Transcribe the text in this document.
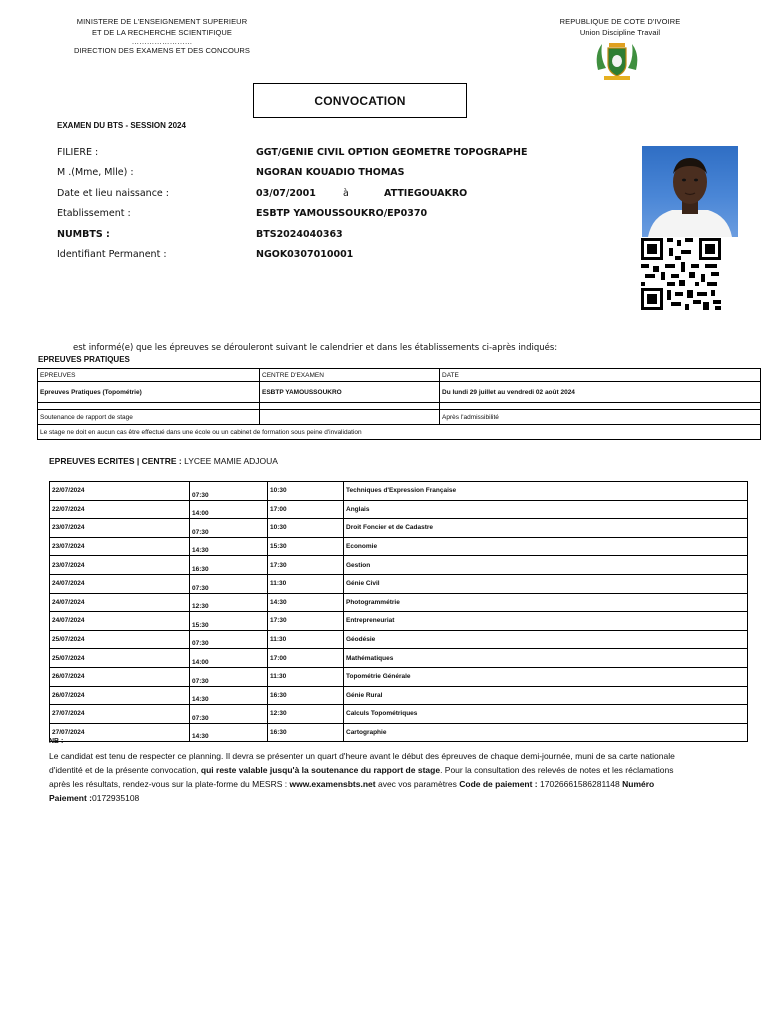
MINISTERE DE L'ENSEIGNEMENT SUPERIEUR
ET DE LA RECHERCHE SCIENTIFIQUE
……………………
DIRECTION DES EXAMENS ET DES CONCOURS
REPUBLIQUE DE COTE D'IVOIRE
Union Discipline Travail
CONVOCATION
EXAMEN DU BTS - SESSION 2024
FILIERE :	GGT/GENIE CIVIL OPTION GEOMETRE TOPOGRAPHE
M .(Mme, Mlle) :	NGORAN KOUADIO THOMAS
Date et lieu naissance :	03/07/2001	à	ATTIEGOUAKRO
Etablissement :	ESBTP YAMOUSSOUKRO/EP0370
NUMBTS :	BTS2024040363
Identifiant Permanent :	NGOK0307010001
est informé(e) que les épreuves se dérouleront suivant le calendrier et dans les établissements ci-après indiqués:
EPREUVES PRATIQUES
EPREUVES	CENTRE D'EXAMEN	DATE
Epreuves Pratiques (Topométrie)	ESBTP YAMOUSSOUKRO	Du lundi 29 juillet au vendredi 02 août 2024

Soutenance de rapport de stage		Après l'admissibilité
Le stage ne doit en aucun cas être effectué dans une école ou un cabinet de formation sous peine d'invalidation		
EPREUVES ECRITES | CENTRE : LYCEE MAMIE ADJOUA
22/07/2024	07:30	10:30	Techniques d'Expression Française
22/07/2024	14:00	17:00	Anglais
23/07/2024	07:30	10:30	Droit Foncier et de Cadastre
23/07/2024	14:30	15:30	Economie
23/07/2024	16:30	17:30	Gestion
24/07/2024	07:30	11:30	Génie Civil
24/07/2024	12:30	14:30	Photogrammétrie
24/07/2024	15:30	17:30	Entrepreneuriat
25/07/2024	07:30	11:30	Géodésie
25/07/2024	14:00	17:00	Mathématiques
26/07/2024	07:30	11:30	Topométrie Générale
26/07/2024	14:30	16:30	Génie Rural
27/07/2024	07:30	12:30	Calculs Topométriques
27/07/2024	14:30	16:30	Cartographie
NB :
Le candidat est tenu de respecter ce planning. Il devra se présenter un quart d'heure avant le début des épreuves de chaque demi-journée, muni de sa carte nationale d'identité et de la présente convocation, qui reste valable jusqu'à la soutenance du rapport de stage. Pour la consultation des relevés de notes et les réclamations après les résultats, rendez-vous sur la plate-forme du MESRS : www.examensbts.net avec vos paramètres Code de paiement : 17026661586281148 Numéro Paiement :0172935108
